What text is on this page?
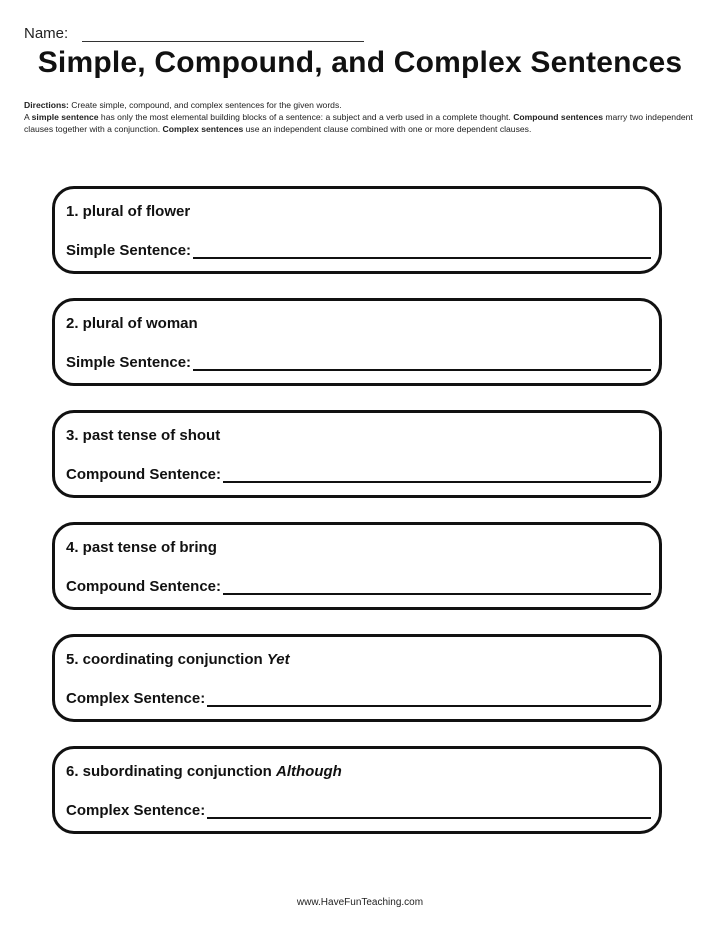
Name:
Simple, Compound, and Complex Sentences
Directions: Create simple, compound, and complex sentences for the given words.
A simple sentence has only the most elemental building blocks of a sentence: a subject and a verb used in a complete thought. Compound sentences marry two independent clauses together with a conjunction. Complex sentences use an independent clause combined with one or more dependent clauses.
1. plural of flower
Simple Sentence:
2. plural of woman
Simple Sentence:
3. past tense of shout
Compound Sentence:
4. past tense of bring
Compound Sentence:
5. coordinating conjunction Yet
Complex Sentence:
6. subordinating conjunction Although
Complex Sentence:
www.HaveFunTeaching.com
